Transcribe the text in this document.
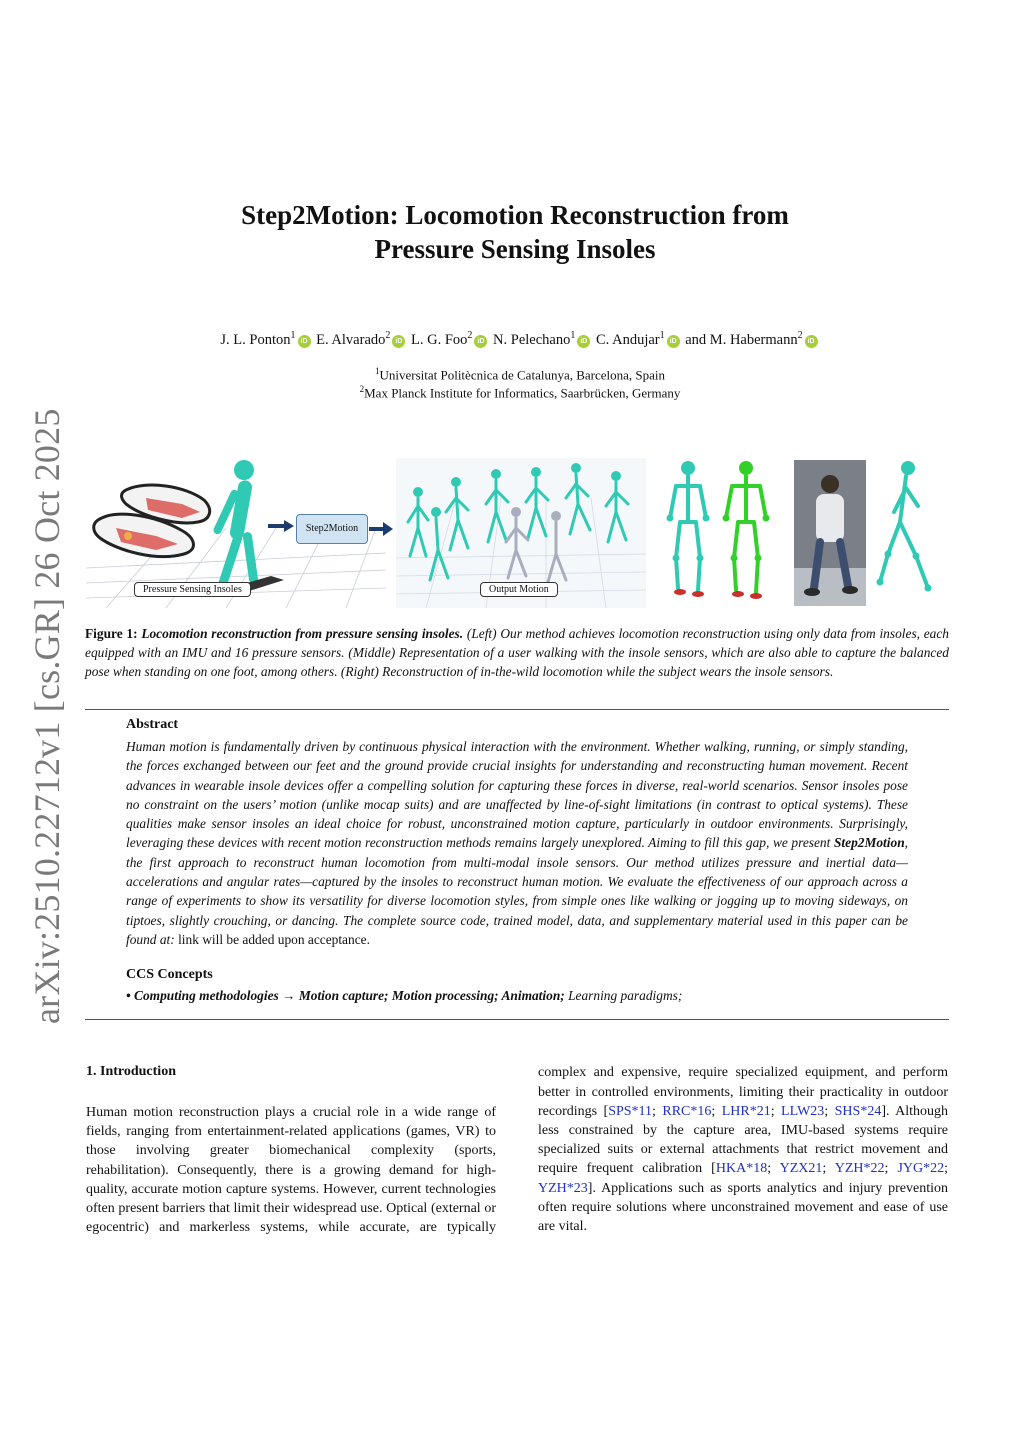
arXiv:2510.22712v1 [cs.GR] 26 Oct 2025
Step2Motion: Locomotion Reconstruction from
Pressure Sensing Insoles
J. L. Ponton$^1$iD E. Alvarado$^2$iD L. G. Foo$^2$iD N. Pelechano$^1$iD C. Andujar$^1$iD and M. Habermann$^2$iD
$^1$Universitat Politècnica de Catalunya, Barcelona, Spain
$^2$Max Planck Institute for Informatics, Saarbrücken, Germany
Pressure Sensing Insoles
Step2Motion
Output Motion
Figure 1: Locomotion reconstruction from pressure sensing insoles. (Left) Our method achieves locomotion reconstruction using only data from insoles, each equipped with an IMU and 16 pressure sensors. (Middle) Representation of a user walking with the insole sensors, which are also able to capture the balanced pose when standing on one foot, among others. (Right) Reconstruction of in-the-wild locomotion while the subject wears the insole sensors.
Abstract
Human motion is fundamentally driven by continuous physical interaction with the environment. Whether walking, running, or simply standing, the forces exchanged between our feet and the ground provide crucial insights for understanding and reconstructing human movement. Recent advances in wearable insole devices offer a compelling solution for capturing these forces in diverse, real-world scenarios. Sensor insoles pose no constraint on the users’ motion (unlike mocap suits) and are unaffected by line-of-sight limitations (in contrast to optical systems). These qualities make sensor insoles an ideal choice for robust, unconstrained motion capture, particularly in outdoor environments. Surprisingly, leveraging these devices with recent motion reconstruction methods remains largely unexplored. Aiming to fill this gap, we present Step2Motion, the first approach to reconstruct human locomotion from multi-modal insole sensors. Our method utilizes pressure and inertial data—accelerations and angular rates—captured by the insoles to reconstruct human motion. We evaluate the effectiveness of our approach across a range of experiments to show its versatility for diverse locomotion styles, from simple ones like walking or jogging up to moving sideways, on tiptoes, slightly crouching, or dancing. The complete source code, trained model, data, and supplementary material used in this paper can be found at: link will be added upon acceptance.
CCS Concepts
• Computing methodologies → Motion capture; Motion processing; Animation; Learning paradigms;
1. Introduction
Human motion reconstruction plays a crucial role in a wide range of fields, ranging from entertainment-related applications (games, VR) to those involving greater biomechanical complexity (sports, rehabilitation). Consequently, there is a growing demand for high-quality, accurate motion capture systems. However, current technologies often present barriers that limit their widespread use. Optical (external or egocentric) and markerless systems, while accurate, are typically
complex and expensive, require specialized equipment, and perform better in controlled environments, limiting their practicality in outdoor recordings [SPS*11; RRC*16; LHR*21; LLW23; SHS*24]. Although less constrained by the capture area, IMU-based systems require specialized suits or external attachments that restrict movement and require frequent calibration [HKA*18; YZX21; YZH*22; JYG*22; YZH*23]. Applications such as sports analytics and injury prevention often require solutions where unconstrained movement and ease of use are vital.
